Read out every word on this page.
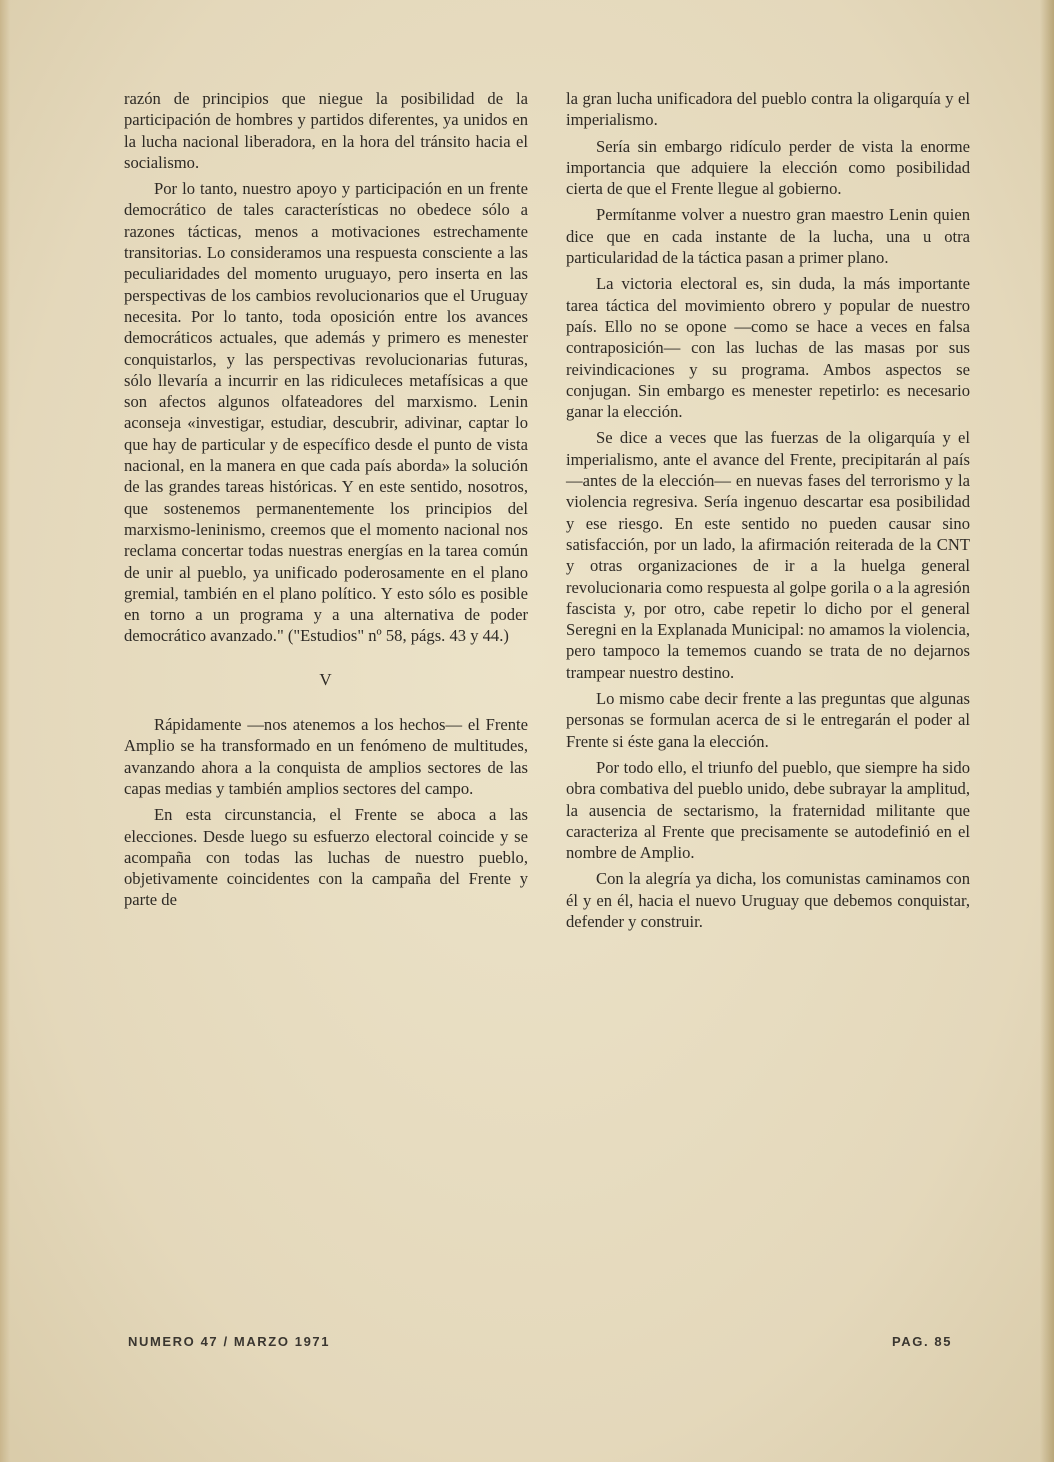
razón de principios que niegue la posibilidad de la participación de hombres y partidos diferentes, ya unidos en la lucha nacional liberadora, en la hora del tránsito hacia el socialismo.

Por lo tanto, nuestro apoyo y participación en un frente democrático de tales características no obedece sólo a razones tácticas, menos a motivaciones estrechamente transitorias. Lo consideramos una respuesta consciente a las peculiaridades del momento uruguayo, pero inserta en las perspectivas de los cambios revolucionarios que el Uruguay necesita. Por lo tanto, toda oposición entre los avances democráticos actuales, que además y primero es menester conquistarlos, y las perspectivas revolucionarias futuras, sólo llevaría a incurrir en las ridiculeces metafísicas a que son afectos algunos olfateadores del marxismo. Lenin aconseja «investigar, estudiar, descubrir, adivinar, captar lo que hay de particular y de específico desde el punto de vista nacional, en la manera en que cada país aborda» la solución de las grandes tareas históricas. Y en este sentido, nosotros, que sostenemos permanentemente los principios del marxismo-leninismo, creemos que el momento nacional nos reclama concertar todas nuestras energías en la tarea común de unir al pueblo, ya unificado poderosamente en el plano gremial, también en el plano político. Y esto sólo es posible en torno a un programa y a una alternativa de poder democrático avanzado." ("Estudios" nº 58, págs. 43 y 44.)

V

Rápidamente —nos atenemos a los hechos— el Frente Amplio se ha transformado en un fenómeno de multitudes, avanzando ahora a la conquista de amplios sectores de las capas medias y también amplios sectores del campo.

En esta circunstancia, el Frente se aboca a las elecciones. Desde luego su esfuerzo electoral coincide y se acompaña con todas las luchas de nuestro pueblo, objetivamente coincidentes con la campaña del Frente y parte de

la gran lucha unificadora del pueblo contra la oligarquía y el imperialismo.

Sería sin embargo ridículo perder de vista la enorme importancia que adquiere la elección como posibilidad cierta de que el Frente llegue al gobierno.

Permítanme volver a nuestro gran maestro Lenin quien dice que en cada instante de la lucha, una u otra particularidad de la táctica pasan a primer plano.

La victoria electoral es, sin duda, la más importante tarea táctica del movimiento obrero y popular de nuestro país. Ello no se opone —como se hace a veces en falsa contraposición— con las luchas de las masas por sus reivindicaciones y su programa. Ambos aspectos se conjugan. Sin embargo es menester repetirlo: es necesario ganar la elección.

Se dice a veces que las fuerzas de la oligarquía y el imperialismo, ante el avance del Frente, precipitarán al país —antes de la elección— en nuevas fases del terrorismo y la violencia regresiva. Sería ingenuo descartar esa posibilidad y ese riesgo. En este sentido no pueden causar sino satisfacción, por un lado, la afirmación reiterada de la CNT y otras organizaciones de ir a la huelga general revolucionaria como respuesta al golpe gorila o a la agresión fascista y, por otro, cabe repetir lo dicho por el general Seregni en la Explanada Municipal: no amamos la violencia, pero tampoco la tememos cuando se trata de no dejarnos trampear nuestro destino.

Lo mismo cabe decir frente a las preguntas que algunas personas se formulan acerca de si le entregarán el poder al Frente si éste gana la elección.

Por todo ello, el triunfo del pueblo, que siempre ha sido obra combativa del pueblo unido, debe subrayar la amplitud, la ausencia de sectarismo, la fraternidad militante que caracteriza al Frente que precisamente se autodefinió en el nombre de Amplio.

Con la alegría ya dicha, los comunistas caminamos con él y en él, hacia el nuevo Uruguay que debemos conquistar, defender y construir.

NUMERO 47 / MARZO 1971	PAG. 85
